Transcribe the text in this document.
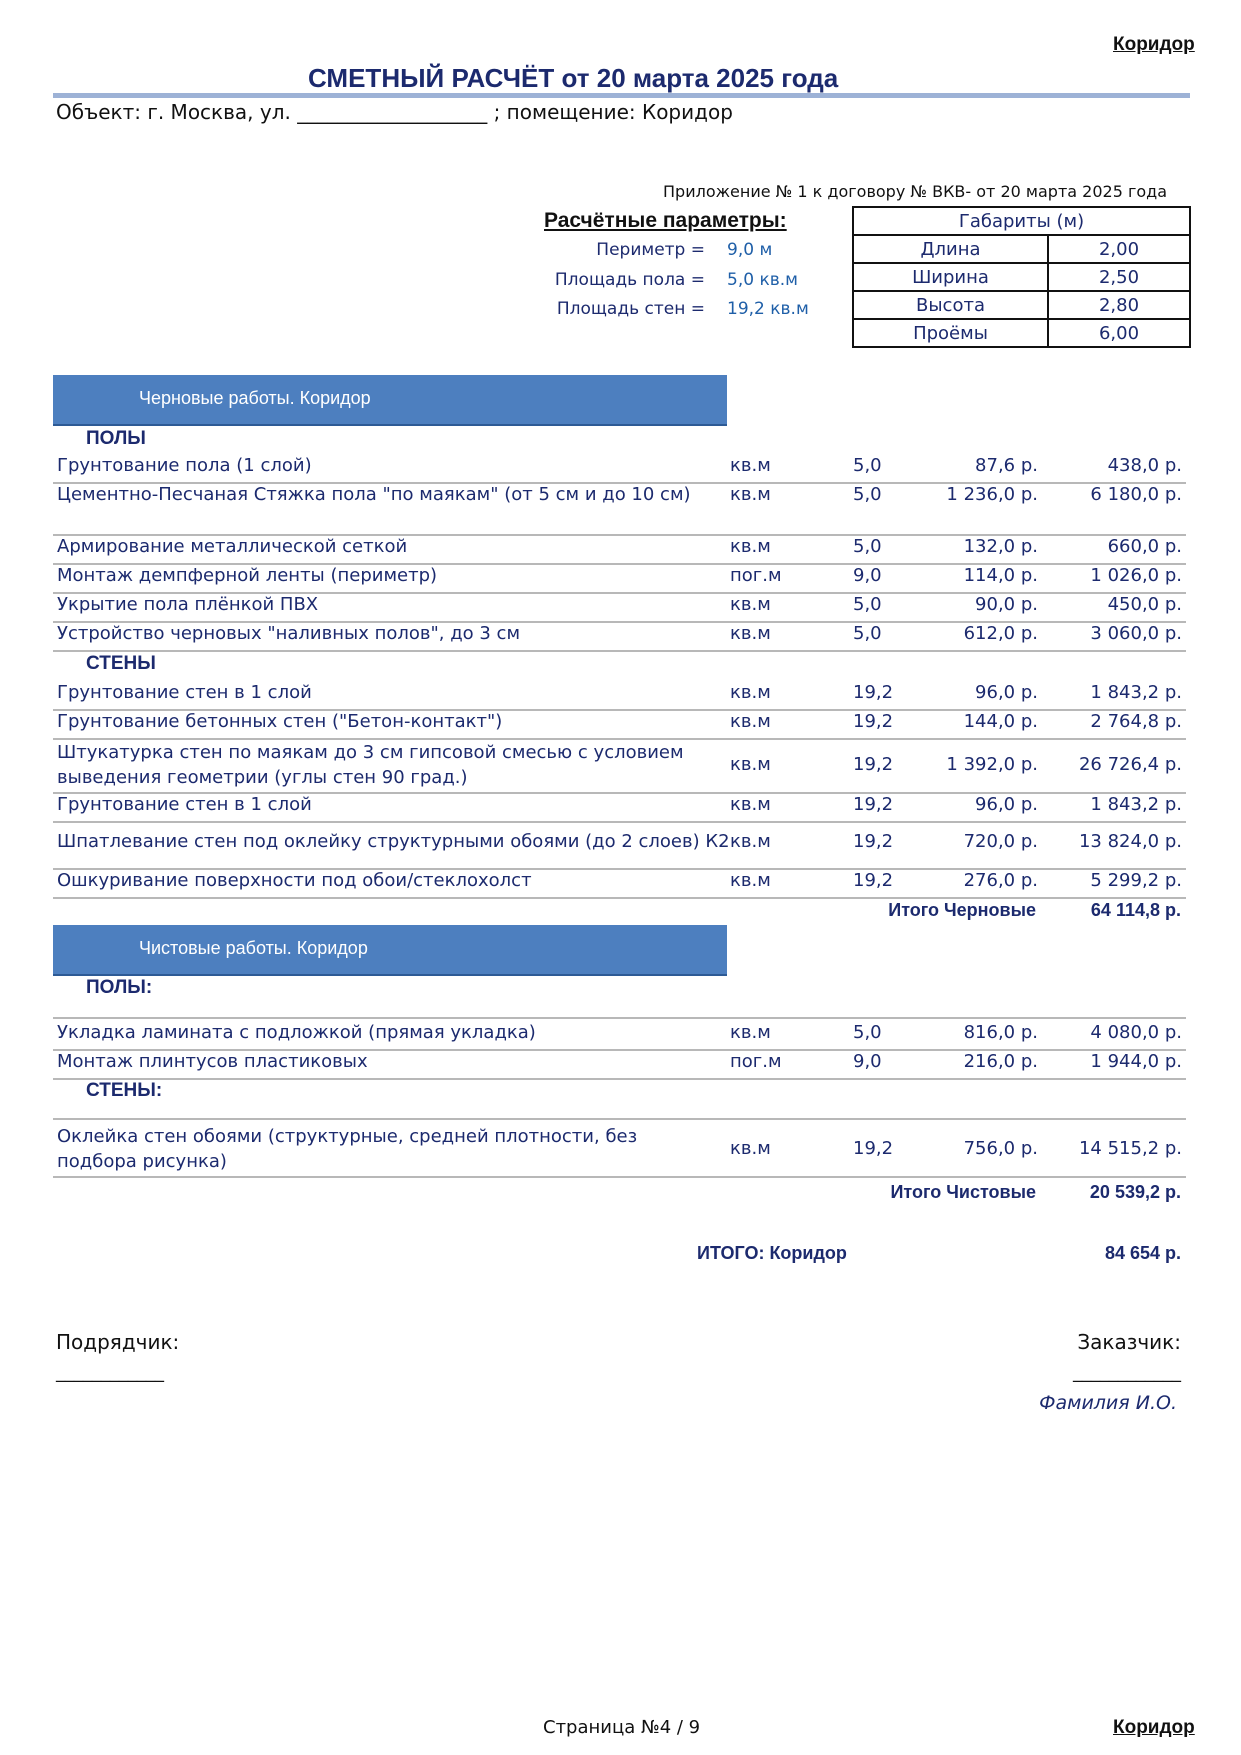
Коридор
СМЕТНЫЙ РАСЧЁТ от 20 марта 2025 года
Объект: г. Москва, ул. ___________________ ; помещение: Коридор
Приложение № 1 к договору № ВКВ- от 20 марта 2025 года
Расчётные параметры:
Периметр = 9,0 м
Площадь пола = 5,0 кв.м
Площадь стен = 19,2 кв.м
Габариты (м)	
Длина	2,00
Ширина	2,50
Высота	2,80
Проёмы	6,00
Черновые работы. Коридор
ПОЛЫ
Грунтование пола (1 слой)	кв.м	5,0	87,6 р.	438,0 р.
Цементно-Песчаная Стяжка пола "по маякам" (от 5 см и до 10 см) кв.м	5,0	1 236,0 р.	6 180,0 р.
Армирование металлической сеткой	кв.м	5,0	132,0 р.	660,0 р.
Монтаж демпферной ленты (периметр)	пог.м	9,0	114,0 р.	1 026,0 р.
Укрытие пола плёнкой ПВХ	кв.м	5,0	90,0 р.	450,0 р.
Устройство черновых "наливных полов", до 3 см	кв.м	5,0	612,0 р.	3 060,0 р.
СТЕНЫ
Грунтование стен в 1 слой	кв.м	19,2	96,0 р.	1 843,2 р.
Грунтование бетонных стен ("Бетон-контакт")	кв.м	19,2	144,0 р.	2 764,8 р.
Штукатурка стен по маякам до 3 см гипсовой смесью с условием выведения геометрии (углы стен 90 град.)
кв.м	19,2	1 392,0 р. 26 726,4 р.
Грунтование стен в 1 слой	кв.м	19,2	96,0 р.	1 843,2 р.
Шпатлевание стен под оклейку структурными обоями (до 2 слоев) К2 кв.м	19,2	720,0 р. 13 824,0 р.
Ошкуривание поверхности под обои/стеклохолст	кв.м	19,2	276,0 р.	5 299,2 р.
Итого Черновые	64 114,8 р.
Чистовые работы. Коридор
ПОЛЫ:
Укладка ламината с подложкой (прямая укладка)	кв.м	5,0	816,0 р.	4 080,0 р.
Монтаж плинтусов пластиковых	пог.м	9,0	216,0 р.	1 944,0 р.
СТЕНЫ:
Оклейка стен обоями (структурные, средней плотности, без подбора рисунка)
кв.м	19,2	756,0 р. 14 515,2 р.
Итого Чистовые	20 539,2 р.
ИТОГО: Коридор	84 654 р.
Подрядчик:
____________
Заказчик:
____________
Фамилия И.О.
Страница №4 / 9	Коридор
